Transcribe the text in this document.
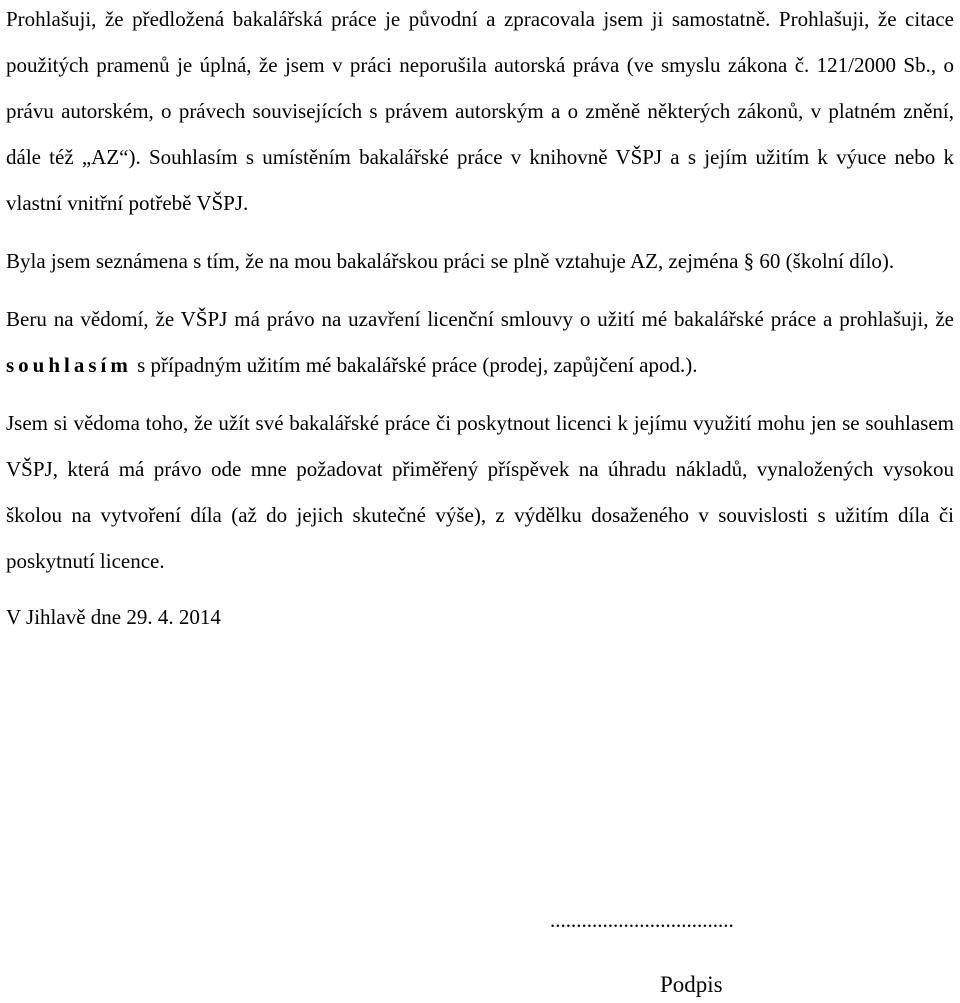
Prohlašuji, že předložená bakalářská práce je původní a zpracovala jsem ji samostatně. Prohlašuji, že citace použitých pramenů je úplná, že jsem v práci neporušila autorská práva (ve smyslu zákona č. 121/2000 Sb., o právu autorském, o právech souvisejících s právem autorským a o změně některých zákonů, v platném znění, dále též „AZ“). Souhlasím s umístěním bakalářské práce v knihovně VŠPJ a s jejím užitím k výuce nebo k vlastní vnitřní potřebě VŠPJ.

Byla jsem seznámena s tím, že na mou bakalářskou práci se plně vztahuje AZ, zejména § 60 (školní dílo).

Beru na vědomí, že VŠPJ má právo na uzavření licenční smlouvy o užití mé bakalářské práce a prohlašuji, že souhlasím s případným užitím mé bakalářské práce (prodej, zapůjčení apod.).

Jsem si vědoma toho, že užít své bakalářské práce či poskytnout licenci k jejímu využití mohu jen se souhlasem VŠPJ, která má právo ode mne požadovat přiměřený příspěvek na úhradu nákladů, vynaložených vysokou školou na vytvoření díla (až do jejich skutečné výše), z výdělku dosaženého v souvislosti s užitím díla či poskytnutí licence.

V Jihlavě dne 29. 4. 2014

...................................
Podpis
